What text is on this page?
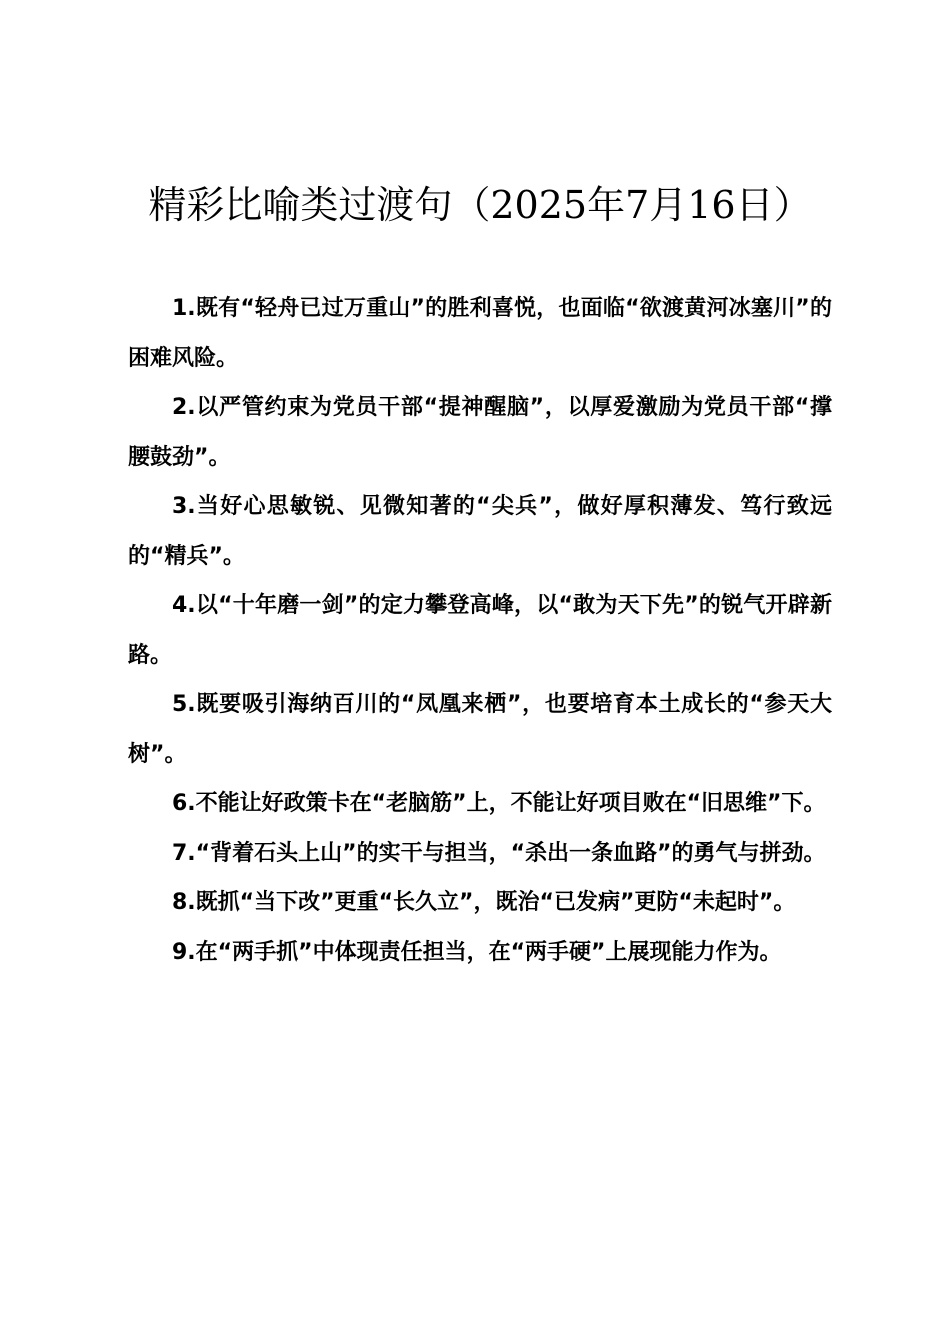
精彩比喻类过渡句（2025年7月16日）

1.既有“轻舟已过万重山”的胜利喜悦，也面临“欲渡黄河冰塞川”的困难风险。

2.以严管约束为党员干部“提神醒脑”，以厚爱激励为党员干部“撑腰鼓劲”。

3.当好心思敏锐、见微知著的“尖兵”，做好厚积薄发、笃行致远的“精兵”。

4.以“十年磨一剑”的定力攀登高峰，以“敢为天下先”的锐气开辟新路。

5.既要吸引海纳百川的“凤凰来栖”，也要培育本土成长的“参天大树”。

6.不能让好政策卡在“老脑筋”上，不能让好项目败在“旧思维”下。

7.“背着石头上山”的实干与担当，“杀出一条血路”的勇气与拼劲。

8.既抓“当下改”更重“长久立”，既治“已发病”更防“未起时”。

9.在“两手抓”中体现责任担当，在“两手硬”上展现能力作为。
